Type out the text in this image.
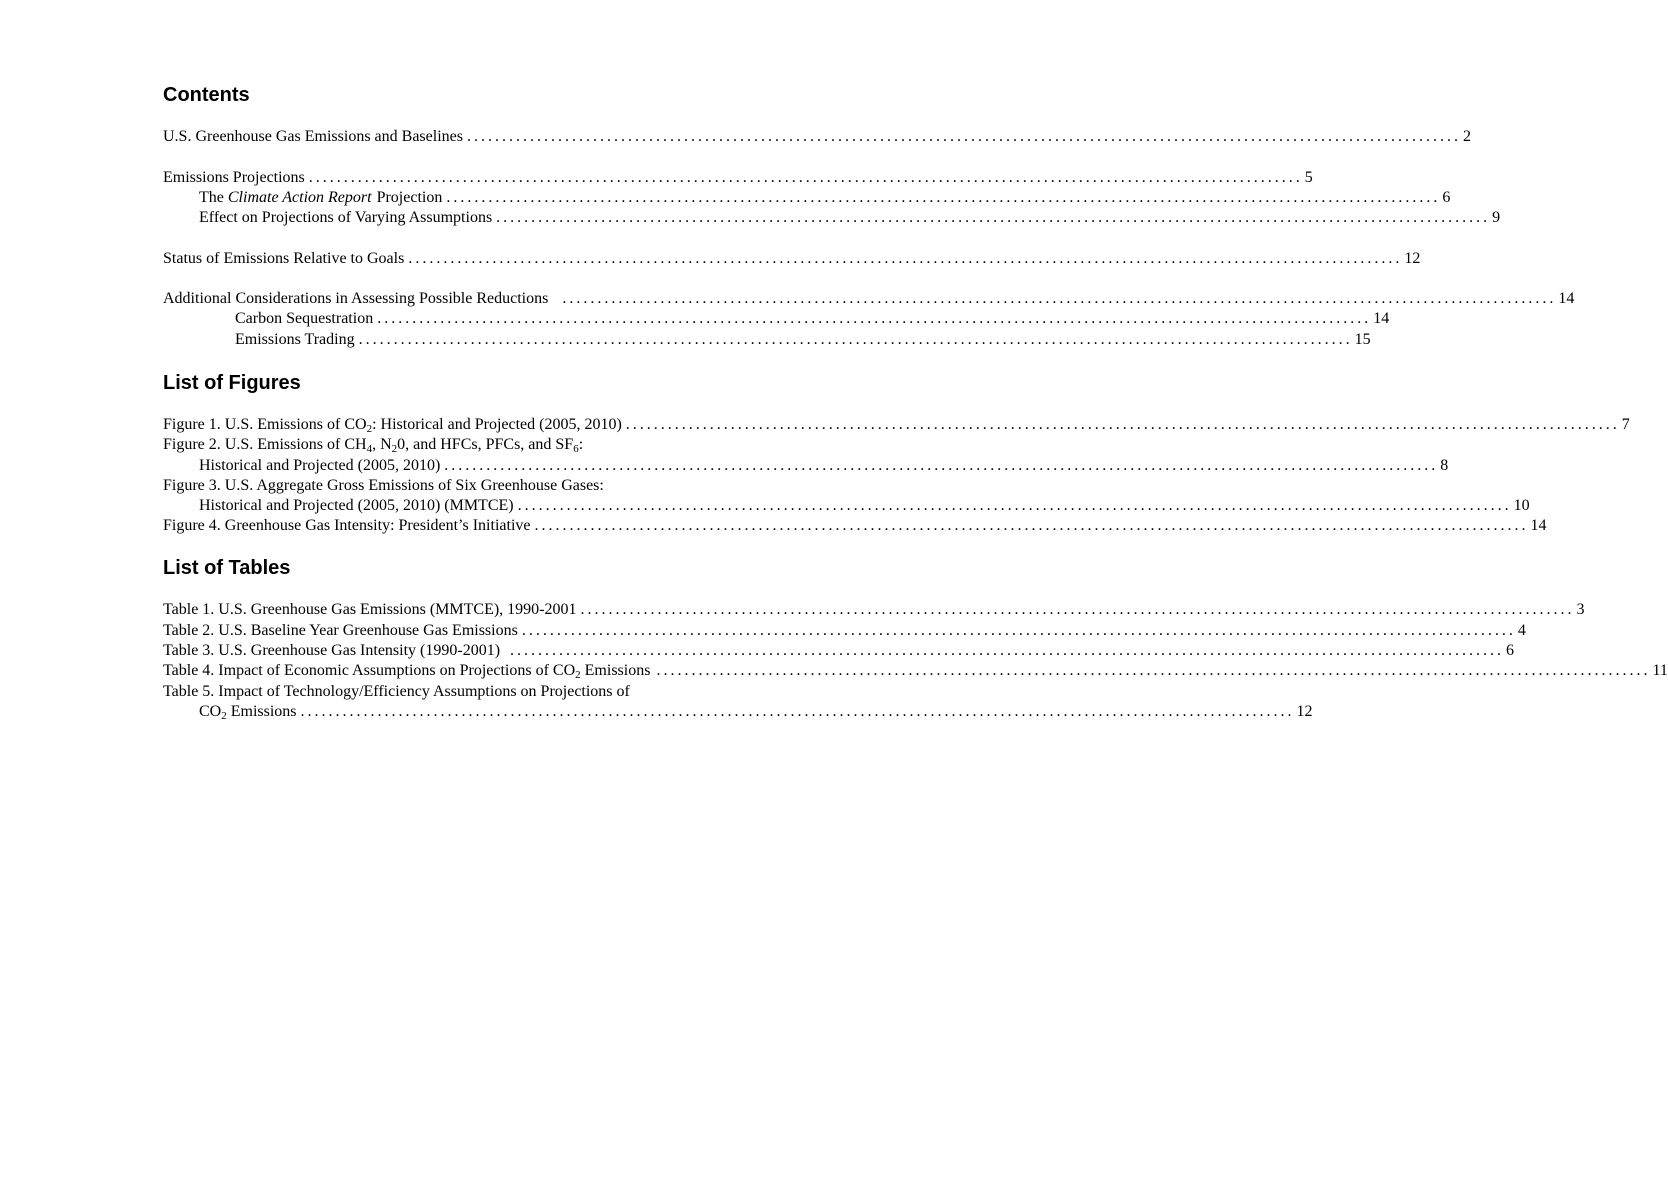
Contents
U.S. Greenhouse Gas Emissions and Baselines .............................................................................................................................................. 2
Emissions Projections .............................................................................................................................................. 5
The Climate Action Report Projection .............................................................................................................................................. 6
Effect on Projections of Varying Assumptions .............................................................................................................................................. 9
Status of Emissions Relative to Goals .............................................................................................................................................. 12
Additional Considerations in Assessing Possible Reductions .............................................................................................................................................. 14
Carbon Sequestration .............................................................................................................................................. 14
Emissions Trading .............................................................................................................................................. 15
List of Figures
Figure 1. U.S. Emissions of $CO_2$: Historical and Projected (2005, 2010) .............................................................................................................................................. 7
Figure 2. U.S. Emissions of $CH_4$, $N_20$, and HFCs, PFCs, and $SF_6$:
Historical and Projected (2005, 2010) .............................................................................................................................................. 8
Figure 3. U.S. Aggregate Gross Emissions of Six Greenhouse Gases:
Historical and Projected (2005, 2010) (MMTCE) .............................................................................................................................................. 10
Figure 4. Greenhouse Gas Intensity: President’s Initiative .............................................................................................................................................. 14
List of Tables
Table 1. U.S. Greenhouse Gas Emissions (MMTCE), 1990-2001 .............................................................................................................................................. 3
Table 2. U.S. Baseline Year Greenhouse Gas Emissions .............................................................................................................................................. 4
Table 3. U.S. Greenhouse Gas Intensity (1990-2001) .............................................................................................................................................. 6
Table 4. Impact of Economic Assumptions on Projections of $CO_2$ Emissions .............................................................................................................................................. 11
Table 5. Impact of Technology/Efficiency Assumptions on Projections of
$CO_2$ Emissions .............................................................................................................................................. 12
